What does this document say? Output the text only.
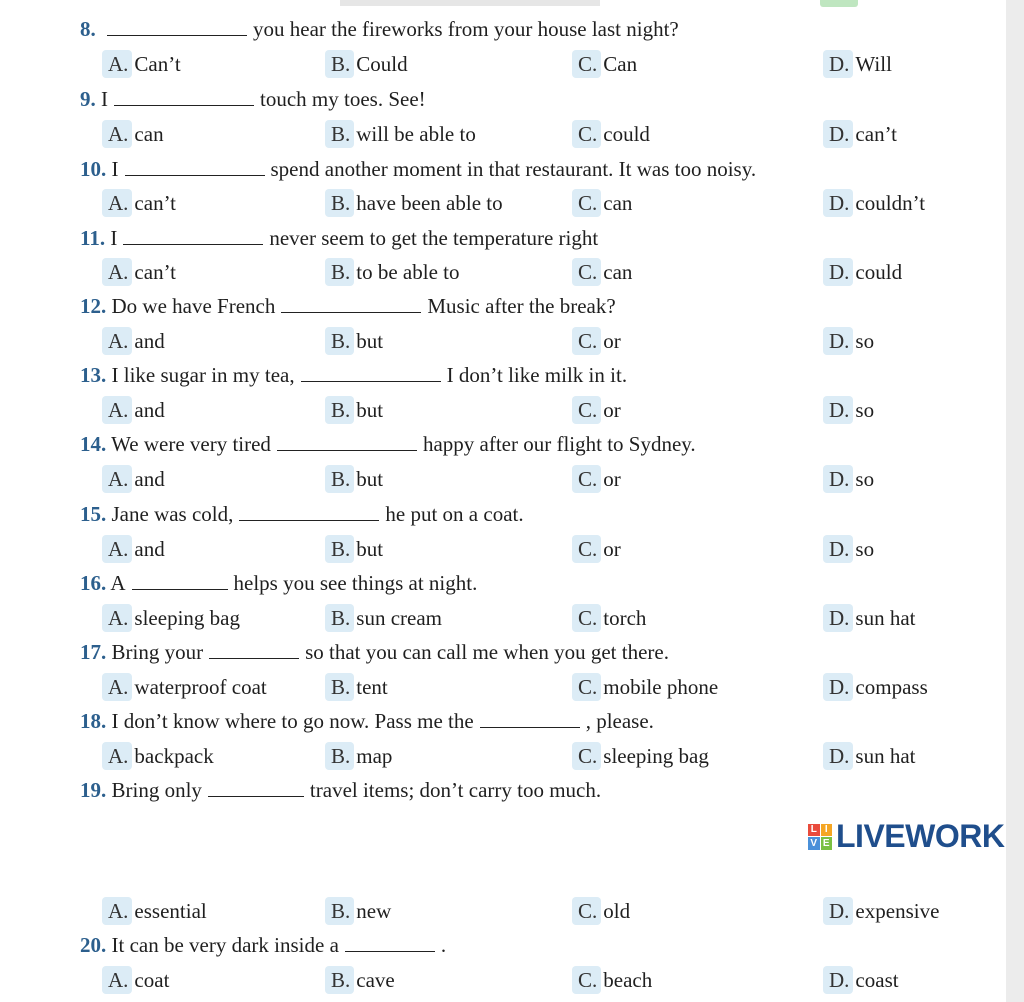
8.	you hear the fireworks from your house last night?
A. Can’t	B. Could	C. Can	D. Will
9. I	touch my toes. See!
A. can	B. will be able to	C. could	D. can’t
10. I	spend another moment in that restaurant. It was too noisy.
A. can’t	B. have been able to	C. can	D. couldn’t
11. I	never seem to get the temperature right
A. can’t	B. to be able to	C. can	D. could
12. Do we have French	Music after the break?
A. and	B. but	C. or	D. so
13. I like sugar in my tea,	I don’t like milk in it.
A. and	B. but	C. or	D. so
14. We were very tired	happy after our flight to Sydney.
A. and	B. but	C. or	D. so
15. Jane was cold,	he put on a coat.
A. and	B. but	C. or	D. so
16. A	helps you see things at night.
A. sleeping bag	B. sun cream	C. torch	D. sun hat
17. Bring your	so that you can call me when you get there.
A. waterproof coat	B. tent	C. mobile phone	D. compass
18. I don’t know where to go now. Pass me the	, please.
A. backpack	B. map	C. sleeping bag	D. sun hat
19. Bring only	travel items; don’t carry too much.
A. essential	B. new	C. old	D. expensive
20. It can be very dark inside a	.
A. coat	B. cave	C. beach	D. coast
L I
V E LIVEWORK
